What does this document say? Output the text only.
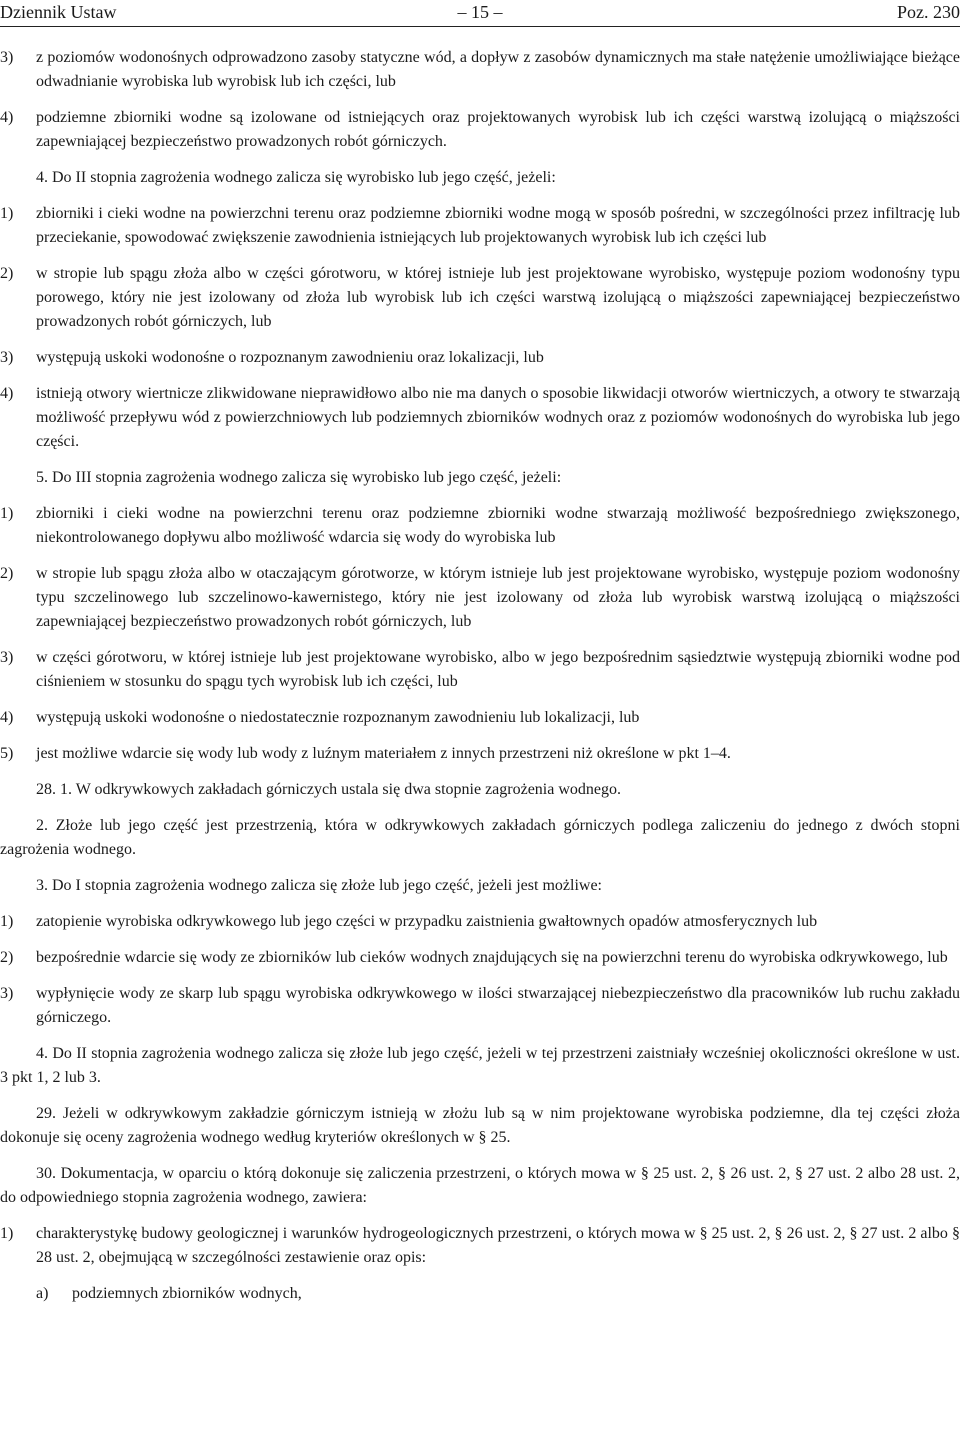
– 15 –
Dziennik Ustaw	Poz. 230
3) z poziomów wodonośnych odprowadzono zasoby statyczne wód, a dopływ z zasobów dynamicznych ma stałe natężenie umożliwiające bieżące odwadnianie wyrobiska lub wyrobisk lub ich części, lub
4) podziemne zbiorniki wodne są izolowane od istniejących oraz projektowanych wyrobisk lub ich części warstwą izolującą o miąższości zapewniającej bezpieczeństwo prowadzonych robót górniczych.
4. Do II stopnia zagrożenia wodnego zalicza się wyrobisko lub jego część, jeżeli:
1) zbiorniki i cieki wodne na powierzchni terenu oraz podziemne zbiorniki wodne mogą w sposób pośredni, w szczególności przez infiltrację lub przeciekanie, spowodować zwiększenie zawodnienia istniejących lub projektowanych wyrobisk lub ich części lub
2) w stropie lub spągu złoża albo w części górotworu, w której istnieje lub jest projektowane wyrobisko, występuje poziom wodonośny typu porowego, który nie jest izolowany od złoża lub wyrobisk lub ich części warstwą izolującą o miąższości zapewniającej bezpieczeństwo prowadzonych robót górniczych, lub
3) występują uskoki wodonośne o rozpoznanym zawodnieniu oraz lokalizacji, lub
4) istnieją otwory wiertnicze zlikwidowane nieprawidłowo albo nie ma danych o sposobie likwidacji otworów wiertniczych, a otwory te stwarzają możliwość przepływu wód z powierzchniowych lub podziemnych zbiorników wodnych oraz z poziomów wodonośnych do wyrobiska lub jego części.
5. Do III stopnia zagrożenia wodnego zalicza się wyrobisko lub jego część, jeżeli:
1) zbiorniki i cieki wodne na powierzchni terenu oraz podziemne zbiorniki wodne stwarzają możliwość bezpośredniego zwiększonego, niekontrolowanego dopływu albo możliwość wdarcia się wody do wyrobiska lub
2) w stropie lub spągu złoża albo w otaczającym górotworze, w którym istnieje lub jest projektowane wyrobisko, występuje poziom wodonośny typu szczelinowego lub szczelinowo-kawernistego, który nie jest izolowany od złoża lub wyrobisk warstwą izolującą o miąższości zapewniającej bezpieczeństwo prowadzonych robót górniczych, lub
3) w części górotworu, w której istnieje lub jest projektowane wyrobisko, albo w jego bezpośrednim sąsiedztwie występują zbiorniki wodne pod ciśnieniem w stosunku do spągu tych wyrobisk lub ich części, lub
4) występują uskoki wodonośne o niedostatecznie rozpoznanym zawodnieniu lub lokalizacji, lub
5) jest możliwe wdarcie się wody lub wody z luźnym materiałem z innych przestrzeni niż określone w pkt 1–4.
28. 1. W odkrywkowych zakładach górniczych ustala się dwa stopnie zagrożenia wodnego.
2. Złoże lub jego część jest przestrzenią, która w odkrywkowych zakładach górniczych podlega zaliczeniu do jednego z dwóch stopni zagrożenia wodnego.
3. Do I stopnia zagrożenia wodnego zalicza się złoże lub jego część, jeżeli jest możliwe:
1) zatopienie wyrobiska odkrywkowego lub jego części w przypadku zaistnienia gwałtownych opadów atmosferycznych lub
2) bezpośrednie wdarcie się wody ze zbiorników lub cieków wodnych znajdujących się na powierzchni terenu do wyrobiska odkrywkowego, lub
3) wypłynięcie wody ze skarp lub spągu wyrobiska odkrywkowego w ilości stwarzającej niebezpieczeństwo dla pracowników lub ruchu zakładu górniczego.
4. Do II stopnia zagrożenia wodnego zalicza się złoże lub jego część, jeżeli w tej przestrzeni zaistniały wcześniej okoliczności określone w ust. 3 pkt 1, 2 lub 3.
29. Jeżeli w odkrywkowym zakładzie górniczym istnieją w złożu lub są w nim projektowane wyrobiska podziemne, dla tej części złoża dokonuje się oceny zagrożenia wodnego według kryteriów określonych w § 25.
30. Dokumentacja, w oparciu o którą dokonuje się zaliczenia przestrzeni, o których mowa w § 25 ust. 2, § 26 ust. 2, § 27 ust. 2 albo 28 ust. 2, do odpowiedniego stopnia zagrożenia wodnego, zawiera:
1) charakterystykę budowy geologicznej i warunków hydrogeologicznych przestrzeni, o których mowa w § 25 ust. 2, § 26 ust. 2, § 27 ust. 2 albo § 28 ust. 2, obejmującą w szczególności zestawienie oraz opis:
a) podziemnych zbiorników wodnych,
